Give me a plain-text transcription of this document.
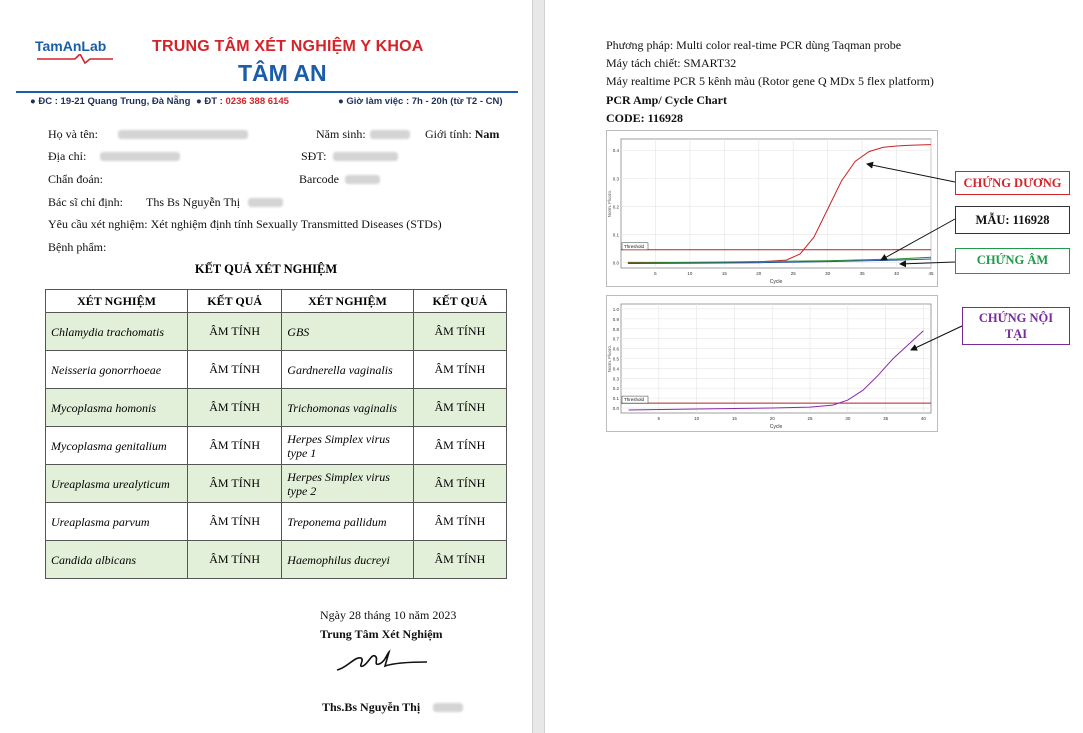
TamAnLab	TRUNG TÂM XÉT NGHIỆM Y KHOA
TÂM AN
● ĐC : 19-21 Quang Trung, Đà Nẵng ● ĐT : 0236 388 6145	● Giờ làm việc : 7h - 20h (từ T2 - CN)
Họ và tên:	Năm sinh:	Giới tính: Nam
Địa chỉ:	SĐT:
Chẩn đoán:	Barcode
Bác sĩ chỉ định: Ths Bs Nguyễn Thị
Yêu cầu xét nghiệm: Xét nghiệm định tính Sexually Transmitted Diseases (STDs)
Bệnh phẩm:
KẾT QUẢ XÉT NGHIỆM
XÉT NGHIỆM	KẾT QUẢ	XÉT NGHIỆM	KẾT QUẢ
Chlamydia trachomatis	ÂM TÍNH	GBS	ÂM TÍNH
Neisseria gonorrhoeae	ÂM TÍNH	Gardnerella vaginalis	ÂM TÍNH
Mycoplasma homonis	ÂM TÍNH	Trichomonas vaginalis	ÂM TÍNH
Mycoplasma genitalium	ÂM TÍNH	Herpes Simplex virus type 1	ÂM TÍNH
Ureaplasma urealyticum	ÂM TÍNH	Herpes Simplex virus type 2	ÂM TÍNH
Ureaplasma parvum	ÂM TÍNH	Treponema pallidum	ÂM TÍNH
Candida albicans	ÂM TÍNH	Haemophilus ducreyi	ÂM TÍNH
Ngày 28 tháng 10 năm 2023
Trung Tâm Xét Nghiệm
Ths.Bs Nguyễn Thị
Phương pháp: Multi color real-time PCR dùng Taqman probe
Máy tách chiết: SMART32
Máy realtime PCR 5 kênh màu (Rotor gene Q MDx 5 flex platform)
PCR Amp/ Cycle Chart
CODE: 116928
0.0
0.1
0.2
0.3
0.4
5	10	15	20	25	30	35	40	45
Cycle
Norm. Fluoro.
Threshold
0.0
0.1
0.2
0.3
0.4
0.5
0.6
0.7
0.8
0.9
1.0
5	10	15	20	25	30	35	40
Cycle
Norm. Fluoro.
Threshold
CHỨNG DƯƠNG
MẪU: 116928
CHỨNG ÂM
CHỨNG NỘI
TẠI
